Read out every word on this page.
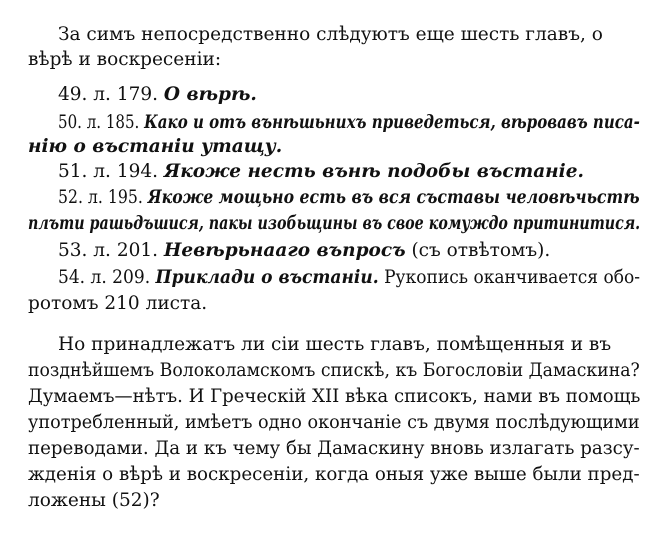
За симъ непосредственно слѣдуютъ еще шесть главъ, о
вѣрѣ и воскресеніи:
49. л. 179. О вѣрѣ.
50. л. 185. Како и отъ вънѣшьнихъ приведеться, вѣровавъ писа-
нію о въстаніи утащу.
51. л. 194. Якоже несть вънѣ подобы въстаніе.
52. л. 195. Якоже мощьно есть въ вся съставы человѣчьстѣ
плъти рашьдъшися, пакы изобьщины въ свое комуждо притинитися.
53. л. 201. Невѣрьнаaго въпросъ (съ отвѣтомъ).
54. л. 209. Приклади о въстаніи. Рукопись оканчивается обо-
ротомъ 210 листа.
Но принадлежатъ ли сіи шесть главъ, помѣщенныя и въ
позднѣйшемъ Волоколамскомъ спискѣ, къ Богословіи Дамаскина?
Думаемъ—нѣтъ. И Греческій XII вѣка списокъ, нами въ помощь
употребленный, имѣетъ одно окончаніе съ двумя послѣдующими
переводами. Да и къ чему бы Дамаскину вновь излагать разсу-
жденія о вѣрѣ и воскресеніи, когда оныя уже выше были пред-
ложены (52)?
